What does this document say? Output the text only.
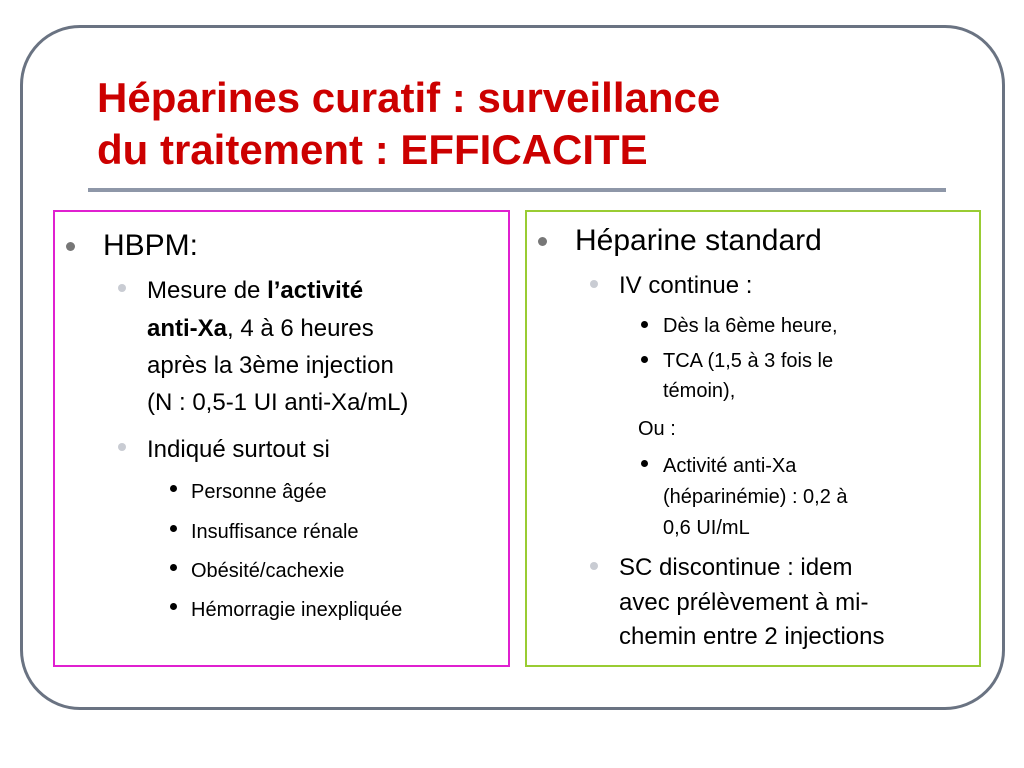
Héparines curatif : surveillance
du traitement : EFFICACITE
HBPM:
Mesure de l’activité
anti-Xa, 4 à 6 heures
après la 3ème injection
(N : 0,5-1 UI anti-Xa/mL)
Indiqué surtout si
Personne âgée
Insuffisance rénale
Obésité/cachexie
Hémorragie inexpliquée
Héparine standard
IV continue :
Dès la 6ème heure,
TCA (1,5 à 3 fois le
témoin),
Ou :
Activité anti-Xa
(héparinémie) : 0,2 à
0,6 UI/mL
SC discontinue : idem
avec prélèvement à mi-
chemin entre 2 injections
